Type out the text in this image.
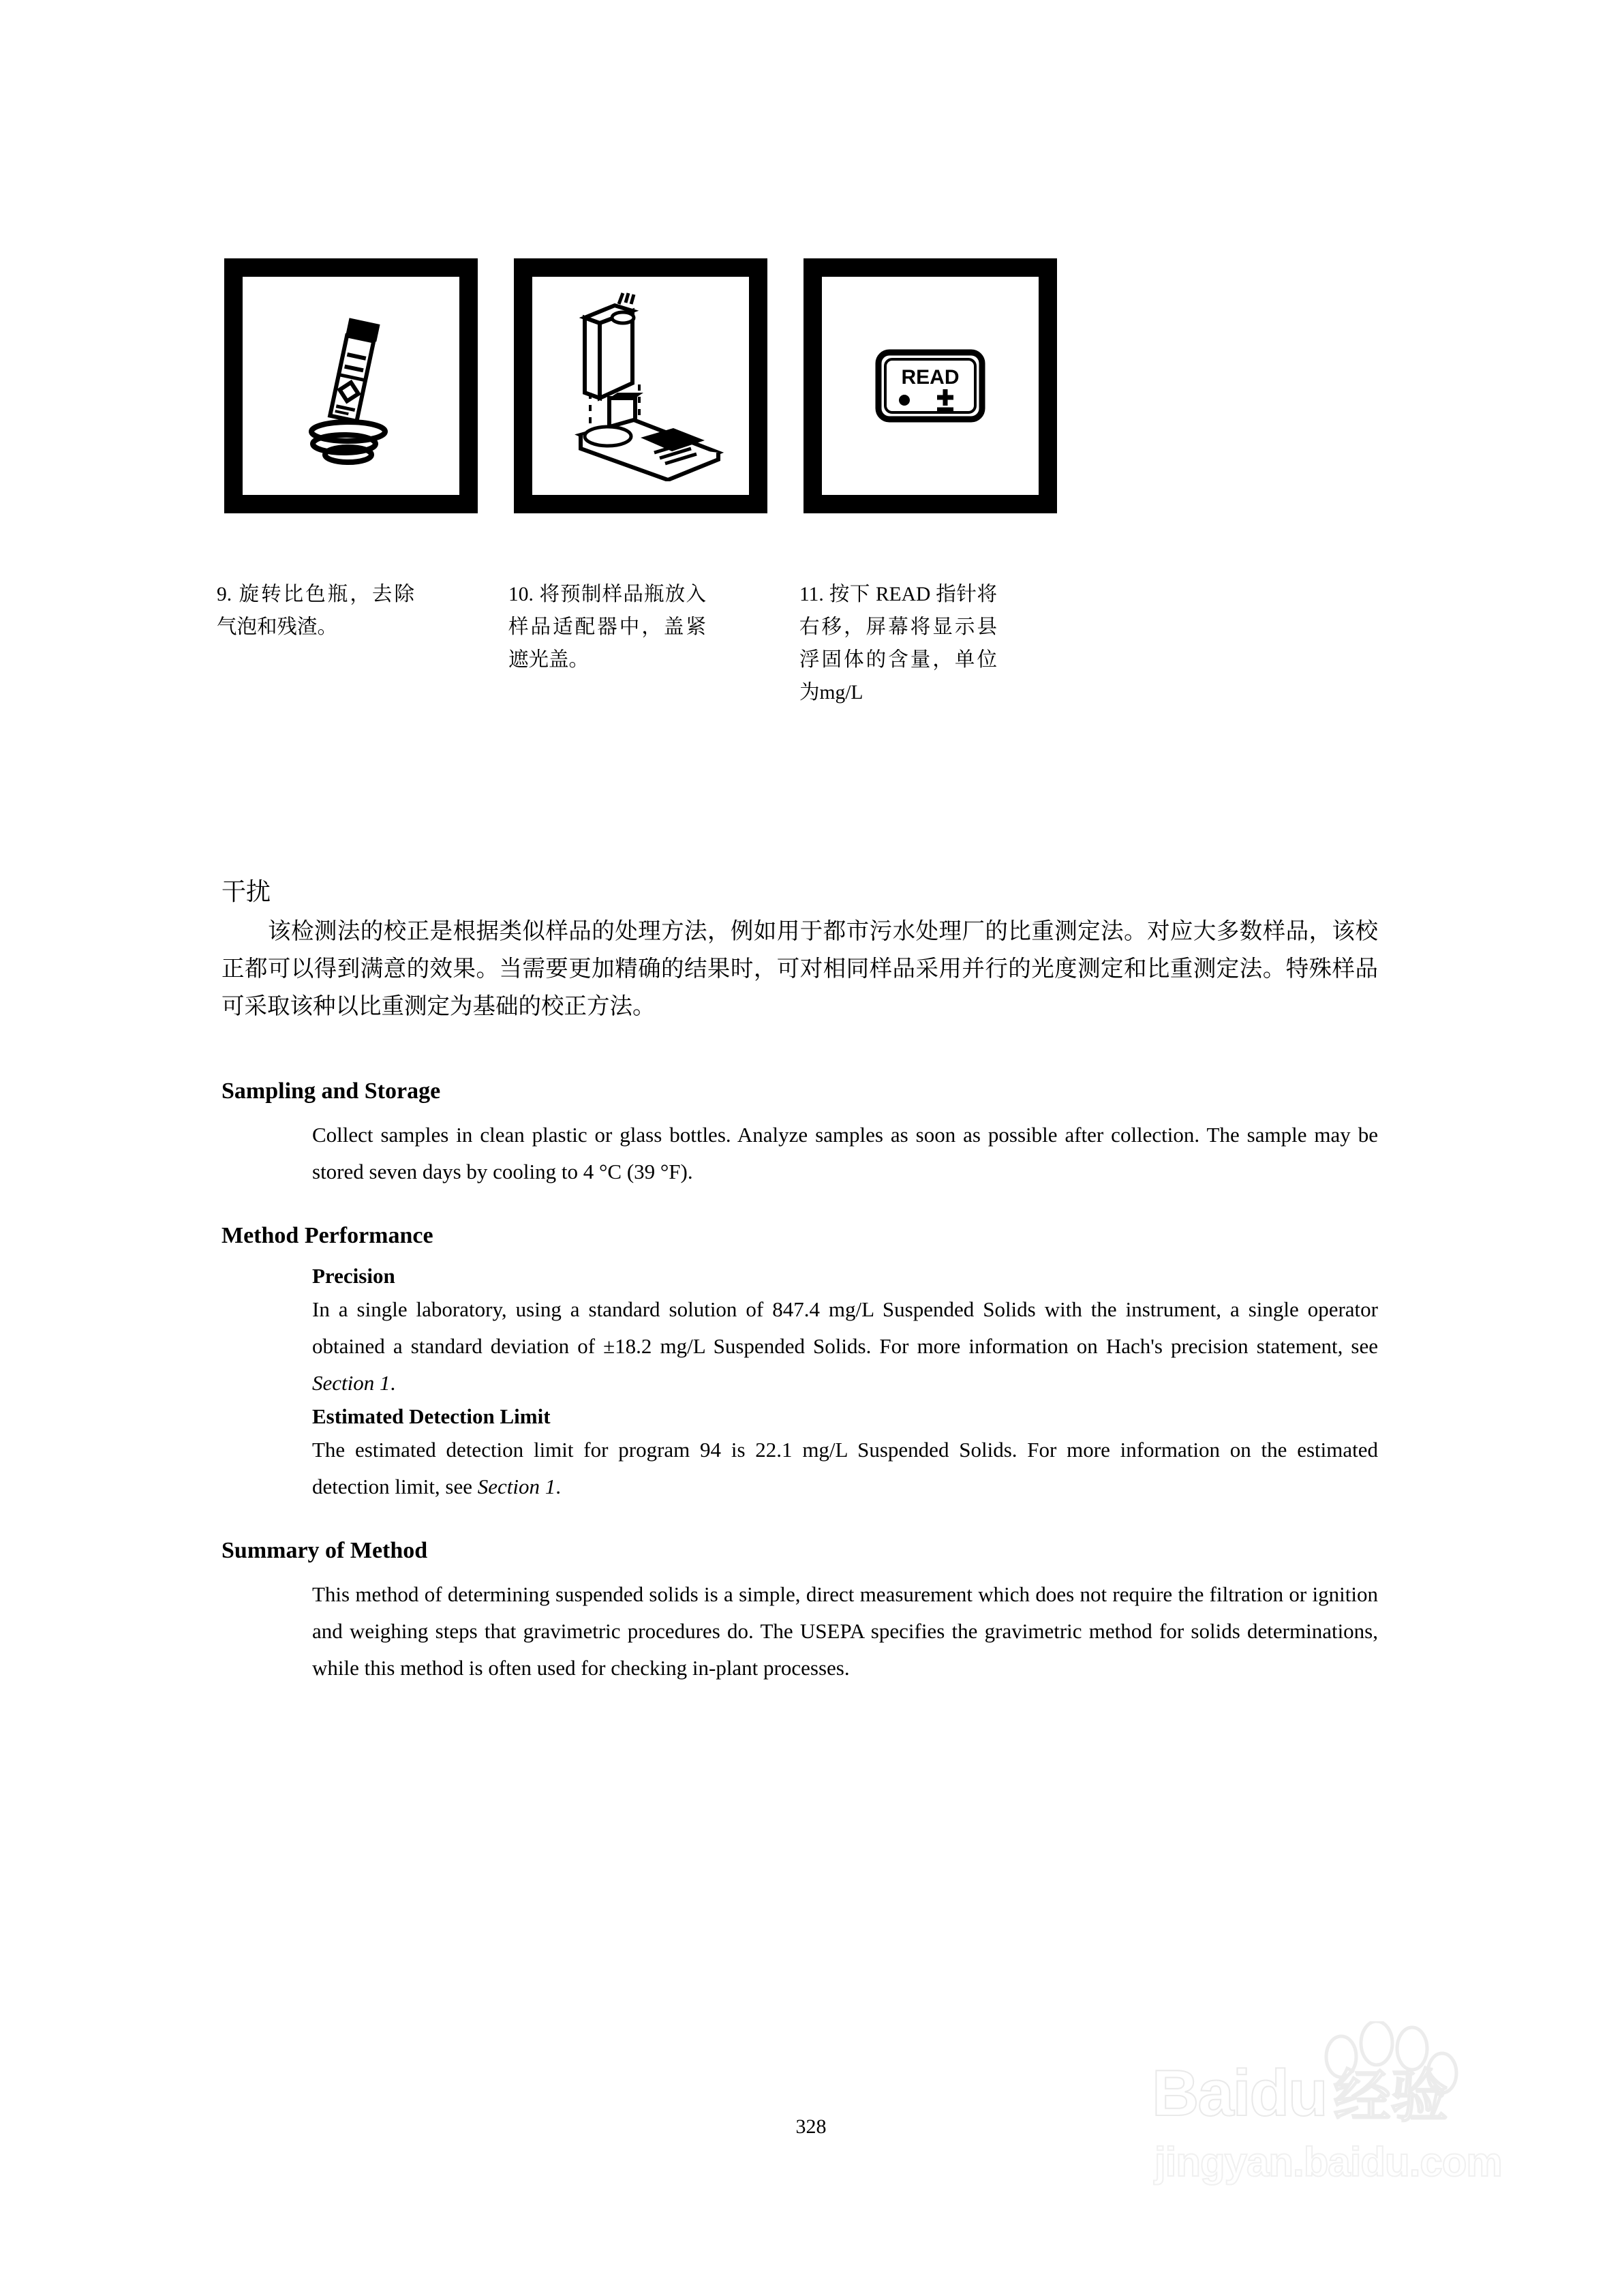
READ
9. 旋转比色瓶，去除气泡和残渣。
10. 将预制样品瓶放入样品适配器中，盖紧遮光盖。
11. 按下 READ 指针将右移，屏幕将显示县浮固体的含量，单位为mg/L
干扰

该检测法的校正是根据类似样品的处理方法，例如用于都市污水处理厂的比重测定法。对应大多数样品，该校正都可以得到满意的效果。当需要更加精确的结果时，可对相同样品采用并行的光度测定和比重测定法。特殊样品可采取该种以比重测定为基础的校正方法。

Sampling and Storage

Collect samples in clean plastic or glass bottles. Analyze samples as soon as possible after collection. The sample may be stored seven days by cooling to 4 °C (39 °F).

Method Performance
Precision

In a single laboratory, using a standard solution of 847.4 mg/L Suspended Solids with the instrument, a single operator obtained a standard deviation of ±18.2 mg/L Suspended Solids. For more information on Hach's precision statement, see Section 1.

Estimated Detection Limit

The estimated detection limit for program 94 is 22.1 mg/L Suspended Solids. For more information on the estimated detection limit, see Section 1.

Summary of Method

This method of determining suspended solids is a simple, direct measurement which does not require the filtration or ignition and weighing steps that gravimetric procedures do. The USEPA specifies the gravimetric method for solids determinations, while this method is often used for checking in-plant processes.

328	Baidu 经验
jingyan.baidu.com
